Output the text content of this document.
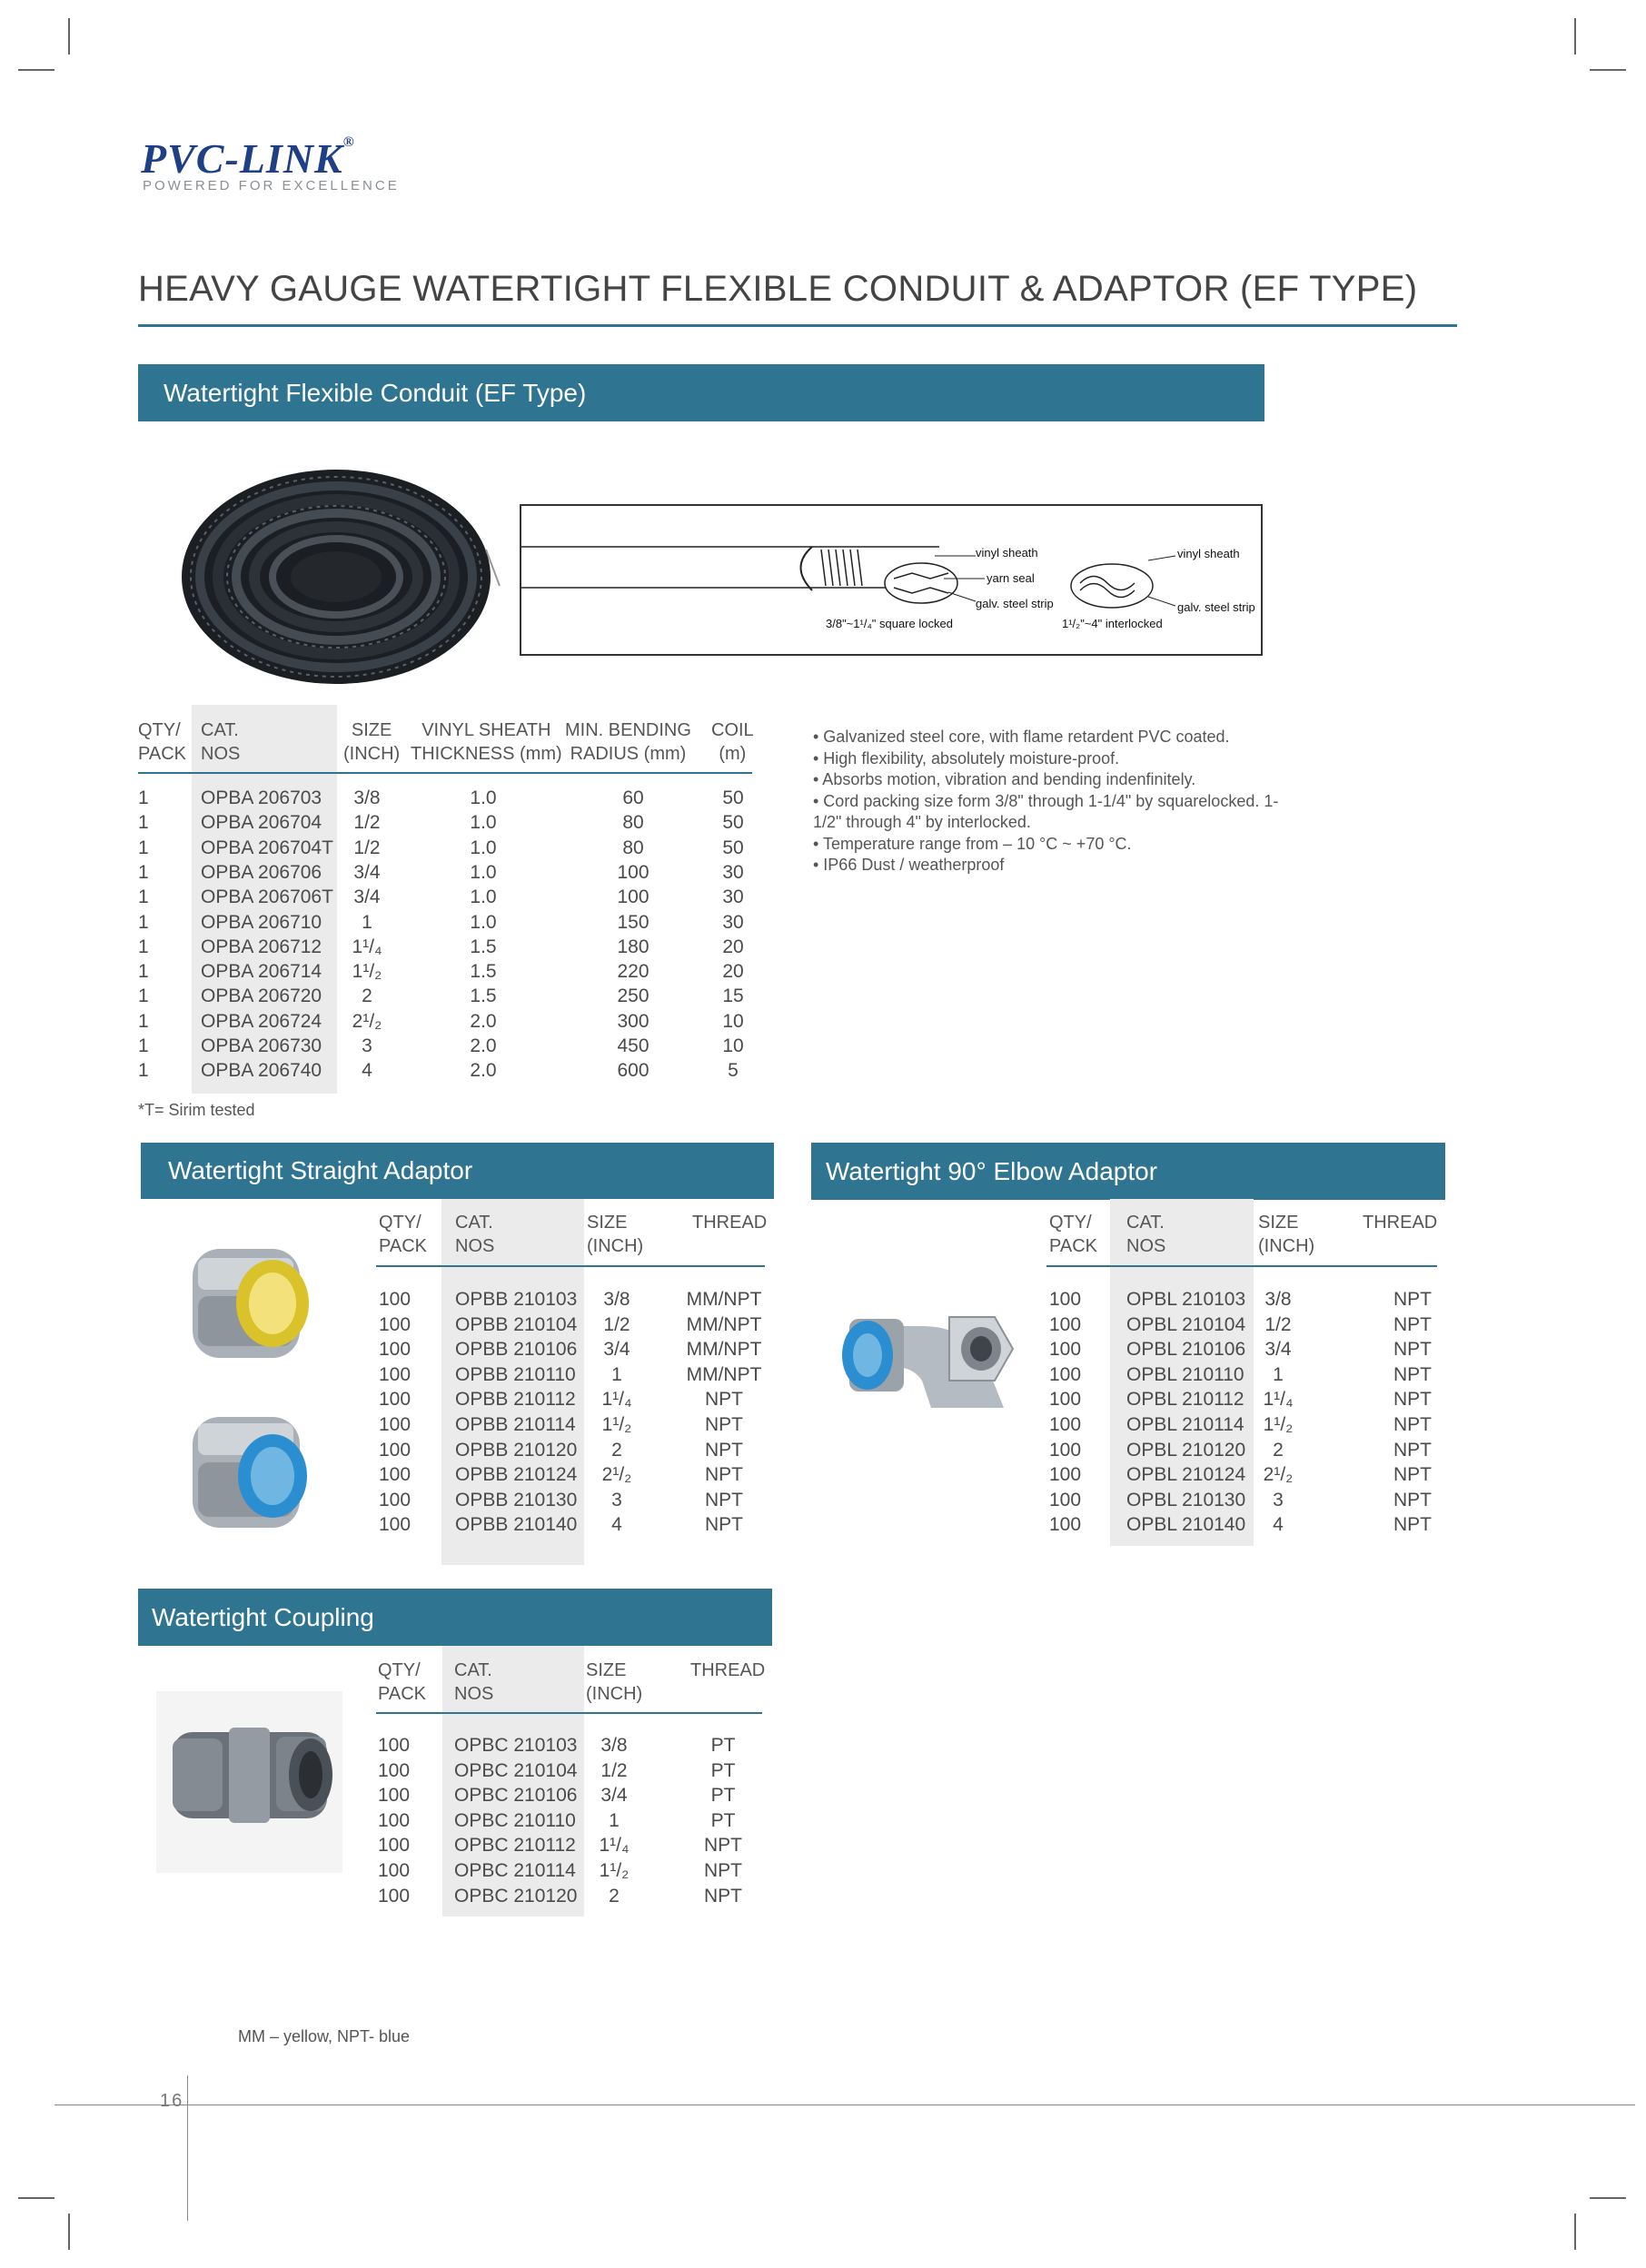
PVC-LINK®
POWERED FOR EXCELLENCE
HEAVY GAUGE WATERTIGHT FLEXIBLE CONDUIT & ADAPTOR (EF TYPE)
Watertight Flexible Conduit (EF Type)
vinyl sheath
yarn seal
galv. steel strip
3/8"~1¹/₄" square locked
vinyl sheath
galv. steel strip
1¹/₂"~4" interlocked
QTY/
PACK
CAT.
NOS
SIZE
(INCH)
VINYL SHEATH
THICKNESS (mm)
MIN. BENDING
RADIUS (mm)
COIL
(m)
1	OPBA 206703	3/8	1.0	60	50
1	OPBA 206704	1/2	1.0	80	50
1	OPBA 206704T	1/2	1.0	80	50
1	OPBA 206706	3/4	1.0	100	30
1	OPBA 206706T	3/4	1.0	100	30
1	OPBA 206710	1	1.0	150	30
1	OPBA 206712	1¹/₄	1.5	180	20
1	OPBA 206714	1¹/₂	1.5	220	20
1	OPBA 206720	2	1.5	250	15
1	OPBA 206724	2¹/₂	2.0	300	10
1	OPBA 206730	3	2.0	450	10
1	OPBA 206740	4	2.0	600	5
*T= Sirim tested
• Galvanized steel core, with flame retardent PVC coated.
• High flexibility, absolutely moisture-proof.
• Absorbs motion, vibration and bending indenfinitely.
• Cord packing size form 3/8" through 1-1/4" by squarelocked. 1-1/2" through 4" by interlocked.
• Temperature range from – 10 °C ~ +70 °C.
• IP66 Dust / weatherproof
Watertight Straight Adaptor
QTY/
PACK
CAT.
NOS
SIZE
(INCH)
THREAD
100 OPBB 210103	3/8	MM/NPT
100 OPBB 210104	1/2	MM/NPT
100 OPBB 210106	3/4	MM/NPT
100 OPBB 210110	1	MM/NPT
100 OPBB 210112	1¹/₄	NPT
100 OPBB 210114	1¹/₂	NPT
100 OPBB 210120	2	NPT
100 OPBB 210124	2¹/₂	NPT
100 OPBB 210130	3	NPT
100 OPBB 210140	4	NPT
Watertight 90° Elbow Adaptor
QTY/
PACK
CAT.
NOS
SIZE
(INCH)
THREAD
100 OPBL 210103	3/8	NPT
100 OPBL 210104	1/2	NPT
100 OPBL 210106	3/4	NPT
100 OPBL 210110	1	NPT
100 OPBL 210112 1¹/₄	NPT
100 OPBL 210114	1¹/₂	NPT
100 OPBL 210120	2	NPT
100 OPBL 210124 2¹/₂	NPT
100 OPBL 210130	3	NPT
100 OPBL 210140	4	NPT
Watertight Coupling
QTY/
PACK
CAT.
NOS
SIZE
(INCH)
THREAD
100 OPBC 210103	3/8	PT
100 OPBC 210104	1/2	PT
100 OPBC 210106	3/4	PT
100 OPBC 210110	1	PT
100 OPBC 210112	1¹/₄	NPT
100 OPBC 210114	1¹/₂	NPT
100 OPBC 210120	2	NPT
MM – yellow, NPT- blue
16
